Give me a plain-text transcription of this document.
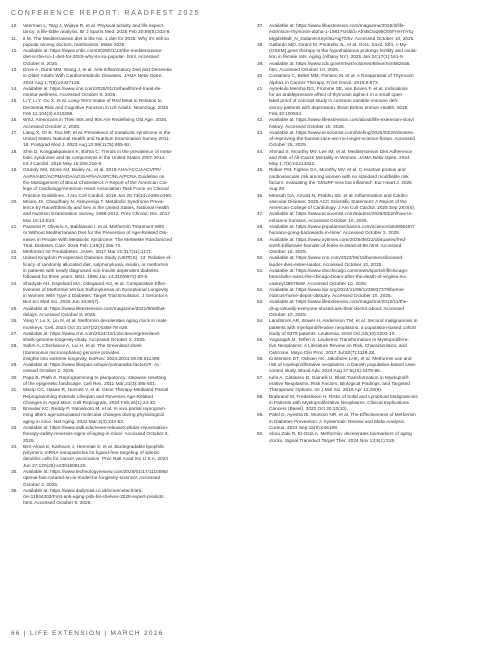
CONFERENCE REPORT: RAADFEST 2025
10. Veerman L, Targ J, Wijaya R, et al. Physical activity and life expect-
tancy: a life-table analysis. Br J Sports Med. 2025 Feb 20;59(5):333-8.
11. it M. The Mediterranean diet is the No. 1 diet for 2025: Why it's still so
popular among doctors, nutritionists. Make 2025.
12. Available at: https://www.cnbc.com/2025/01/13/the-mediterranean-
diet-is-the-no-1-diet-for-2025-why-its-so-popular-.html. Accessed
October 9, 2025.
13. Dove A, Dunk MM, Wang J, et al. Anti-Inflammatory Diet and Dementia
in Older Adults With Cardiometabolic Diseases. JAMA Netw Open.
2024 Aug 1;7(8):e2427125.
14. Available at: https://www.cnn.com/2025/01/15/health/red-meat-de-
mentia-wellness. Accessed October 9, 2025.
15. Li Y, Li Y, Gu X, et al. Long-Term Intake of Red Meat in Relation to
Dementia Risk and Cognitive Function in US Adults. Neurology. 2025
Feb 11;104(3):e210286.
16. WSJ. Americans in Their 80s and 90s Are Redefining Old Age. 2025.
Accessed October 2, 2025.
17. Liang X, Or B, Tsoi MF, et al. Prevalence of metabolic syndrome in the
United States National Health and Nutrition Examination Survey 2011-
18. Postgrad Med J. 2023 Aug 22;99(1175):985-92.
18. Shin D, Kongpakpaisarn K, Bohra C. Trends in the prevalence of meta-
bolic syndrome and its components in the United States 2007-2014.
Int J Cardiol. 2018 May 15;259:216-9.
19. Grundy SM, Stone NJ, Bailey AL, et al. 2018 AHA/ACC/AACVPR/
AAPA/ABC/ACPM/ADA/AGS/APhA/ASPC/NLA/PCNA Guideline on
the Management of Blood Cholesterol: A Report of the American Col-
lege of Cardiology/American Heart Association Task Force on Clinical
Practice Guidelines. J Am Coll Cardiol. 2019 Jun 25;73(24):e285-e350.
20. Moore JX, Chaudhary N, Akinyemiju T. Metabolic Syndrome Preva-
lence by Race/Ethnicity and Sex in the United States, National Health
and Nutrition Examination Survey, 1988-2012. Prev Chronic Dis. 2017
Mar 16;14:E24.
21. Pasanisi P, Oliverio A, Baldassari I, et al. Metformin Treatment With
or Without Mediterranean Diet for the Prevention of Age-Related Dis-
eases in People With Metabolic Syndrome: The MeMeMe Randomized
Trial. Diabetes Care. 2025 Feb 1;48(2):265-72.
22. Metformin for Prediabetes. JAMA. 2017 Mar 21;317(11):1171.
23. United Kingdom Prospective Diabetes Study (UKPDS). 13: Relative ef-
ficacy of randomly allocated diet, sulphonylurea, insulin, or metformin
in patients with newly diagnosed non-insulin dependent diabetes
followed for three years. BMJ. 1995 Jan 14;310(6972):83-8.
24. Shadyab AH, Espeland MA, Odegaard AO, et al. Comparative Effec-
tiveness of Metformin Versus Sulfonylureas on Exceptional Longevity
in Women With Type 2 Diabetes: Target Trial Emulation. J Gerontol A
Biol Sci Med Sci. 2025 Jun 10;80(7).
25. Available at: https://www.lifeextension.com/magazine/2021/9/telthat-
delays. Accessed October 8, 2025.
26. Yang Y, Lu X, Liu N, et al. Metformin decelerates aging clock in male
monkeys. Cell. 2024 Oct 31;187(22):6358-78 e29.
27. Available at: https://www.cnn.com/2024/12/13/science/greenland-
shark-genome-longevity-study. Accessed October 2, 2025.
28. Sahm A, Cherkasov A, Liu H, et al. The Greenland shark
(Somniosus microcephalus) genome provides
insights into extreme longevity. bioRxiv. 2024:2024.09.09.611499.
29. Available at: https://www.lifespan.io/topic/yamanaka-factors/#. Ac-
cessed October 2, 2025.
30. Papp B, Plath K. Reprogramming to pluripotency: stepwise resetting
of the epigenetic landscape. Cell Res. 2011 Mar;21(3):486-501.
31. Macip CC, Hasan R, Hoznek V, et al. Gene Therapy-Mediated Partial
Reprogramming Extends Lifespan and Reverses Age-Related
Changes in Aged Mice. Cell Reprogram. 2024 Feb;26(1):24-32.
32. Browder KC, Reddy P, Yamamoto M, et al. In vivo partial reprogram-
ming alters age-associated molecular changes during physiological
aging in mice. Nat Aging. 2022 Mar;2(3):243-53.
33. Available at: https://www.salk.edu/news-release/cellular-rejuvenation-
therapy-safely-reverses-signs-of-aging-in-mice/. Accessed October 2,
2025.
34. Ben-Akiva E, Karlsson J, Hemmati S, et al. Biodegradable lipophilic
polymeric mRNA nanoparticles for ligand-free targeting of splenic
dendritic cells for cancer vaccination. Proc Natl Acad Sci U S A. 2023
Jun 27;120(26):e2301606120.
35. Available at: https://www.technologyreview.com/2025/01/17/1110086/
openai-has-created-an-ai-model-for-longevity-science/. Accessed
October 2, 2025.
36. Available at: https://www.dailymail.co.uk/sciencetech/arti-
cle-11844303/First-anti-aging-pills-hit-shelves-2028-expert-predicts.
html. Accessed October 9, 2025.
37. Available at: https://www.lifeextension.com/magazine/2025/3/life-
extension-rhymosin-alpha-1-1981?srsltid=AfmBOoq9tlO0hFHHTiYtq
Mgjdxkl8dt_N_DalamKSSyOtUAqjTDhv. Accessed October 10, 2025.
38. Gallardo MD, Girard M, Pontrello JL, et al. Oct4, Sox2, Klf4, c-My-
(OSKM) gene therapy in the hypothalamus prolongs fertility and ovula-
tion in female rats. Aging (Albany NY). 2025 Jan 24;17(1):161-9.
39. Available at: https://www.cdc.gov/mmwr/volumes/68/wr/mm6826a5.
htm. Accessed October 10, 2025.
40. Costantini C, Bellet MM, Pariano M, et al. A Reappraisal of Thymosin
Alpha1 in Cancer Therapy. Front Oncol. 2019;9:873.
41. Aynekulu Mersha DG, Fromme SE, van Boven F, et al. Indications
for an antidepressive effect of thymosin alpha-1 in a small open-
label proof of concept study in common variable immune defi-
ciency patients with depression. Brain Behav Immun Health. 2025
Feb;43:100934.
42. Available at: https://www.lifeextension.com/about/life-extension-story/
history. Accessed October 10, 2025.
43. Available at: https://www.economist.com/briefing/2025/03/20/dreams-
of-improving-the-human-race-are-no-longer-science-fiction. Accessed
October 25, 2025.
44. Ahmad S, Moorthy MV, Lee IM, et al. Mediterranean Diet Adherence
and Risk of All-Cause Mortality in Women. JAMA Netw Open. 2024
May 1;7(5):e2414322.
45. Ridker PM, Figtree GA, Moorthy MV, et al. C-reactive protein and
cardiovascular risk among women with no standard modifiable risk
factors: evaluating the 'SMuRF-less but inflamed'. Eur Heart J. 2025
Aug 29.
46. Mensah GA, Arnold N, Prabhu SD, et al. Inflammation and Cardio-
vascular Disease: 2025 ACC Scientific Statement: A Report of the
American College of Cardiology. J Am Coll Cardiol. 2025 Sep 29;0(0).
47. Available at: https://www.economist.com/leaders/2025/03/20/how-to-
enhance-humans. Accessed October 10, 2025.
48. Available at: https://www.popularmechanics.com/science/a64906457/
humans-going-backwards-in-time/. Accessed October 2, 2025.
49. Available at: https://www.nytimes.com/2025/06/22/obituaries/fred-
smith-billionaire-founder-of-fedex-is-dead-at-80.html. Accessed
October 15, 2025.
50. Available at: https://www.cnn.com/2023/06/15/business/leonard-
lauder-dies-estee-lauder. Accessed October 10, 2025.
51. Available at: https://www.nbcchicago.com/news/sports/nfl/chicago-
bears/who-owns-the-chicago-bears-after-the-death-of-virginia-mc-
caskey/3867559/. Accessed October 10, 2025.
52. Available at: https://www.npr.org/2024/11/06/1226837379/bernie-
marcus-home-depot-obituary. Accessed October 10, 2025.
53. Available at: https://www.lifeextension.com/magazine/2010/11/the-
drug-virtually-everyone-should-ask-their-doctor-about. Accessed
October 10, 2025.
54. Landstrom AR, Bower H, Andersson TM, et al. Second malignancies in
patients with myeloproliferative neoplasms: a population-based cohort
study of 9379 patients. Leukemia. 2018 Oct;32(10):2203-10.
55. Yogarajah M, Tefferi A. Leukemic Transformation in Myeloprolifera-
tive Neoplasms: A Literature Review on Risk, Characteristics, and
Outcome. Mayo Clin Proc. 2017 Jul;92(7):1118-28.
56. Kristensen DT, Ovlisen AK, Jakobsen LHK, et al. Metformin use and
risk of myeloproliferative neoplasms: a Danish population-based case-
control study. Blood Adv. 2024 Aug 27;8(16):4478-85.
57. Iurlo A, Cattaneo D, Gianelli U, Blast Transformation in Myeloprolif-
erative Neoplasms: Risk Factors, Biological Findings, and Targeted
Therapeutic Options. Int J Mol Sci. 2019 Apr 13;20(8).
58. Brabrand M, Frederiksen H. Risks of Solid and Lymphoid Malignancies
in Patients with Myeloproliferative Neoplasms: Clinical Implications.
Cancers (Basel). 2020 Oct 20;12(10).
59. Patel D, Ayesha IE, Monson NR, et al. The Effectiveness of Metformin
in Diabetes Prevention: A Systematic Review and Meta-Analysis.
Cureus. 2023 Sep;15(9):e46108.
60. Abou Zaki R, El-Osta A. Metformin: decelerates biomarkers of aging
clocks. Signal Transduct Target Ther. 2024 Nov 13;9(1):319.
66 | LIFE EXTENSION | MARCH 2026
